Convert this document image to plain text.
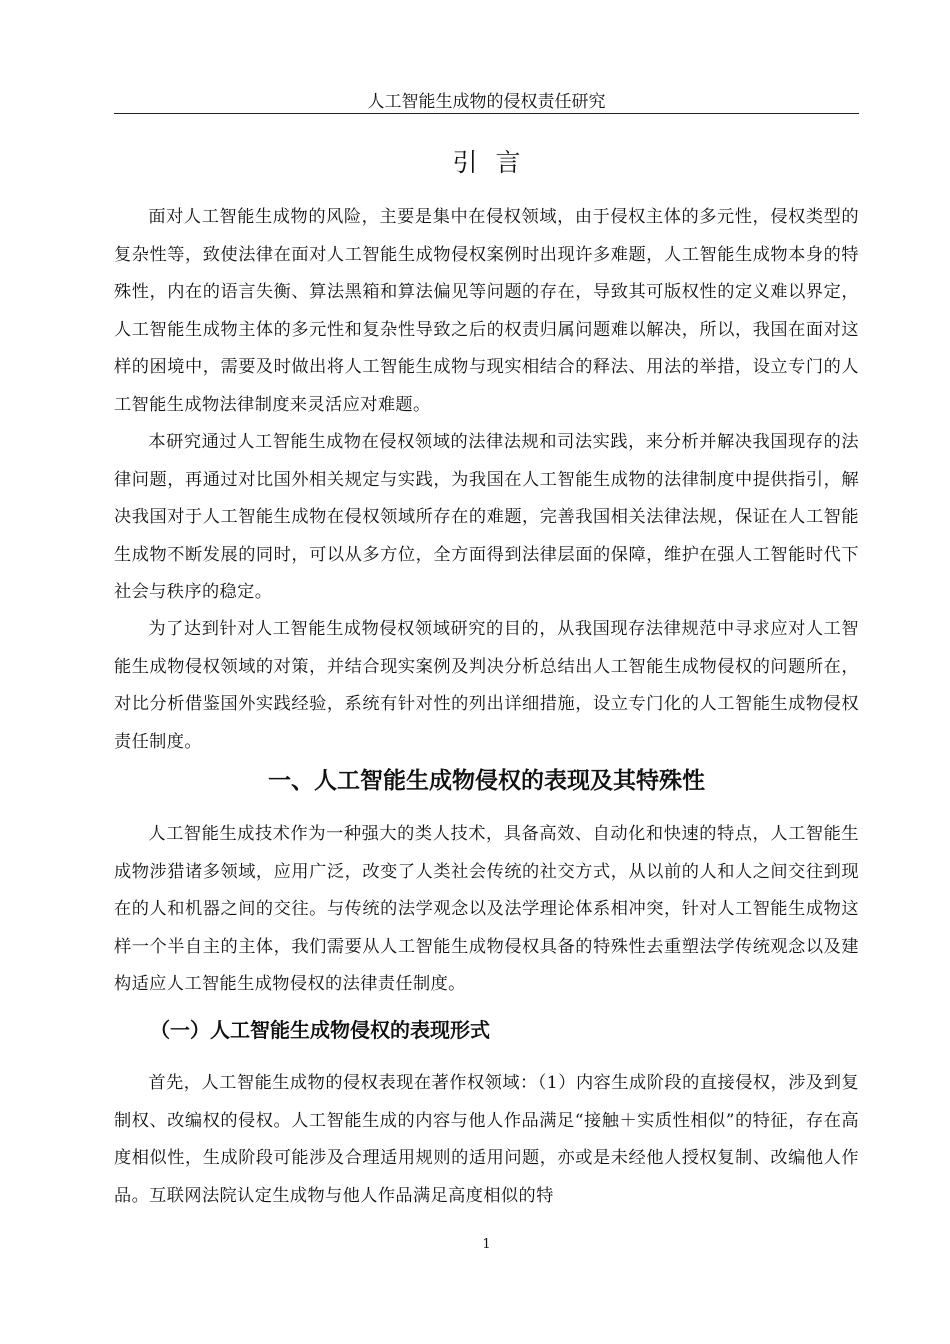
人工智能生成物的侵权责任研究
引言

面对人工智能生成物的风险，主要是集中在侵权领域，由于侵权主体的多元性，侵权类型的复杂性等，致使法律在面对人工智能生成物侵权案例时出现许多难题，人工智能生成物本身的特殊性，内在的语言失衡、算法黑箱和算法偏见等问题的存在，导致其可版权性的定义难以界定，人工智能生成物主体的多元性和复杂性导致之后的权责归属问题难以解决，所以，我国在面对这样的困境中，需要及时做出将人工智能生成物与现实相结合的释法、用法的举措，设立专门的人工智能生成物法律制度来灵活应对难题。

本研究通过人工智能生成物在侵权领域的法律法规和司法实践，来分析并解决我国现存的法律问题，再通过对比国外相关规定与实践，为我国在人工智能生成物的法律制度中提供指引，解决我国对于人工智能生成物在侵权领域所存在的难题，完善我国相关法律法规，保证在人工智能生成物不断发展的同时，可以从多方位，全方面得到法律层面的保障，维护在强人工智能时代下社会与秩序的稳定。

为了达到针对人工智能生成物侵权领域研究的目的，从我国现存法律规范中寻求应对人工智能生成物侵权领域的对策，并结合现实案例及判决分析总结出人工智能生成物侵权的问题所在，对比分析借鉴国外实践经验，系统有针对性的列出详细措施，设立专门化的人工智能生成物侵权责任制度。

一、人工智能生成物侵权的表现及其特殊性

人工智能生成技术作为一种强大的类人技术，具备高效、自动化和快速的特点，人工智能生成物涉猎诸多领域，应用广泛，改变了人类社会传统的社交方式，从以前的人和人之间交往到现在的人和机器之间的交往。与传统的法学观念以及法学理论体系相冲突，针对人工智能生成物这样一个半自主的主体，我们需要从人工智能生成物侵权具备的特殊性去重塑法学传统观念以及建构适应人工智能生成物侵权的法律责任制度。

（一）人工智能生成物侵权的表现形式

首先，人工智能生成物的侵权表现在著作权领域：（1）内容生成阶段的直接侵权，涉及到复制权、改编权的侵权。人工智能生成的内容与他人作品满足“接触＋实质性相似”的特征，存在高度相似性，生成阶段可能涉及合理适用规则的适用问题，亦或是未经他人授权复制、改编他人作品。互联网法院认定生成物与他人作品满足高度相似的特

1
